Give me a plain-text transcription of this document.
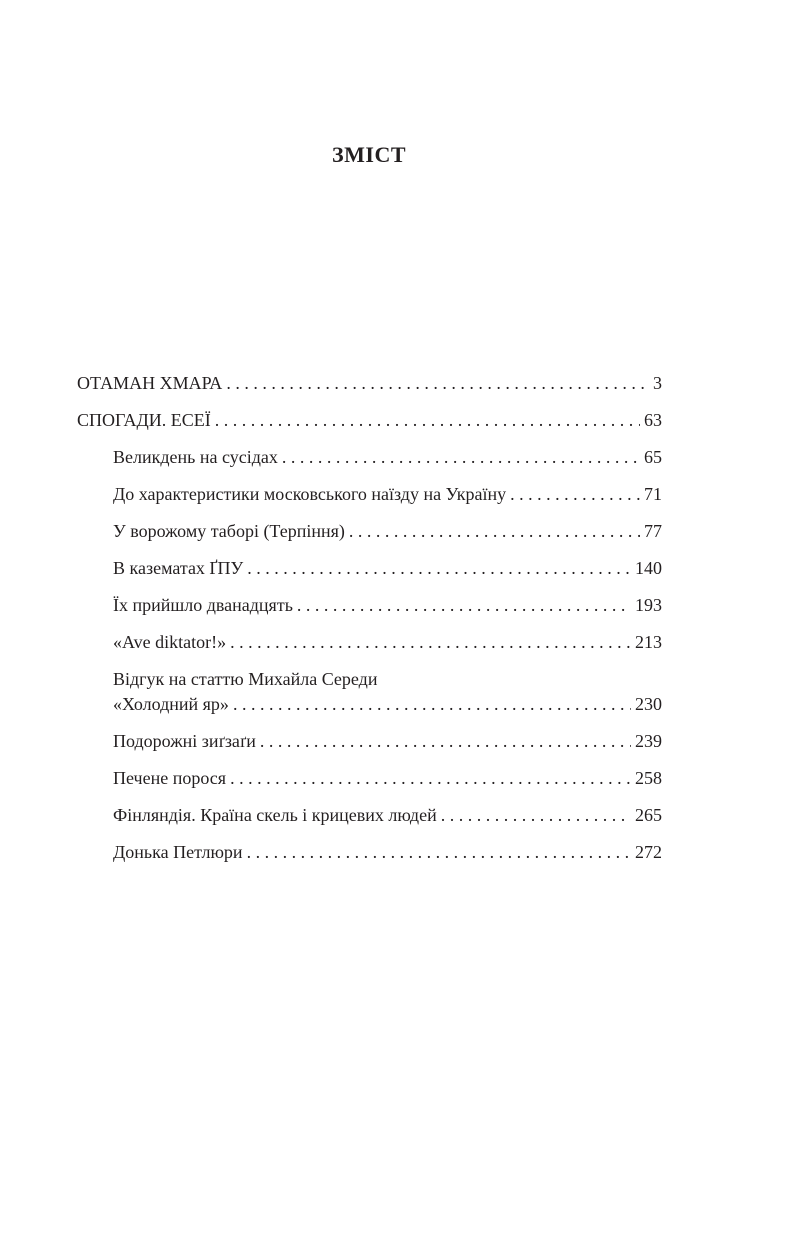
ЗМІСТ
ОТАМАН ХМАРА . . .	3
СПОГАДИ. ЕСЕЇ . . .	63
Великдень на сусідах . . .	65
До характеристики московського наїзду на Україну . . .	71
У ворожому таборі (Терпіння) . . .	77
В казематах ҐПУ . . .	140
Їх прийшло дванадцять . . .	193
«Ave diktator!» . . .	213
Відгук на статтю Михайла Середи
«Холодний яр» . . .	230
Подорожні зиґзаґи . . .	239
Печене порося . . .	258
Фінляндія. Країна скель і крицевих людей . . .	265
Донька Петлюри . . .	272
